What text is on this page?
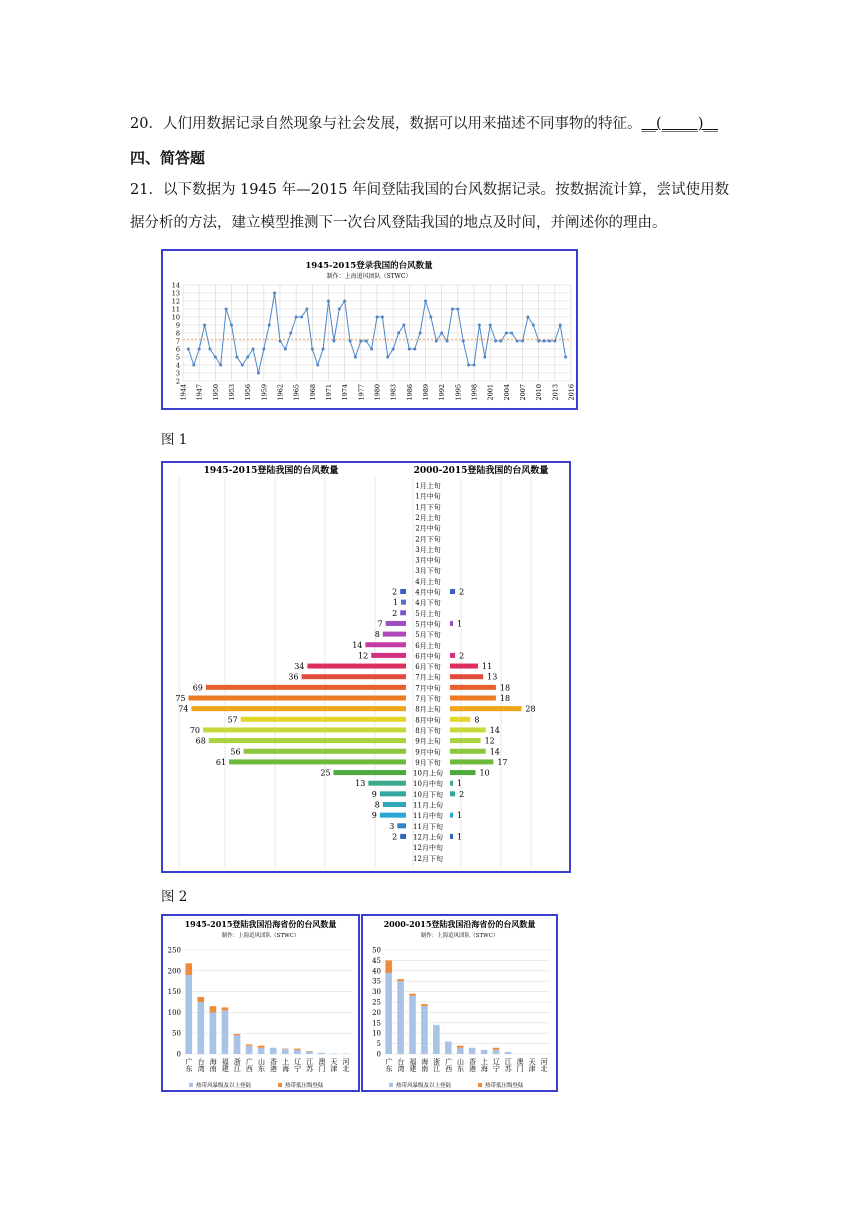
20．人们用数据记录自然现象与社会发展，数据可以用来描述不同事物的特征。__(_____)__
四、简答题
21．以下数据为 1945 年—2015 年间登陆我国的台风数据记录。按数据流计算，尝试使用数
据分析的方法，建立模型推测下一次台风登陆我国的地点及时间，并阐述你的理由。
1945-2015登录我国的台风数量
制作：上海追风团队（STWC）
2
3
4
5
6
7
8
9
10
11
12
13
14
1944 1947 1950 1953 1956 1959 1962 1965 1968 1971 1974 1977 1980 1983 1986 1989 1992 1995 1998 2001 2004 2007 2010 2013 2016
图 1
1945-2015登陆我国的台风数量	2000-2015登陆我国的台风数量
1月上旬
1月中旬
1月下旬
2月上旬
2月中旬
2月下旬
3月上旬
3月中旬
3月下旬
4月上旬
4月中旬
2	2
4月下旬
1
5月上旬
2
5月中旬
7	1
5月下旬
8
6月上旬
14
6月中旬
12	2
6月下旬
34	11
7月上旬
36	13
7月中旬
69	18
7月下旬
75	18
8月上旬
74	28
8月中旬
57	8
8月下旬
70	14
9月上旬
68	12
9月中旬
56	14
9月下旬
61	17
10月上旬
25	10
10月中旬
13	1
10月下旬
9	2
11月上旬
8
11月中旬
9	1
11月下旬
3
12月上旬
2	1
12月中旬
12月下旬
图 2
1945-2015登陆我国沿海省份的台风数量
制作：上海追风团队（STWC）
0
50
100
150
200
250
广东 台湾 海南 福建 浙江 广西 山东 香港 上海 辽宁 江苏 澳门 天津 河北
热带风暴级及以上登陆	热带低压级登陆
2000-2015登陆我国沿海省份的台风数量
制作：上海追风团队（STWC）
0
5
10
15
20
25
30
35
40
45
50
广东 台湾 福建 海南 浙江 广西 山东 香港 上海 辽宁 江苏 澳门 天津 河北
热带风暴级及以上登陆	热带低压级登陆
